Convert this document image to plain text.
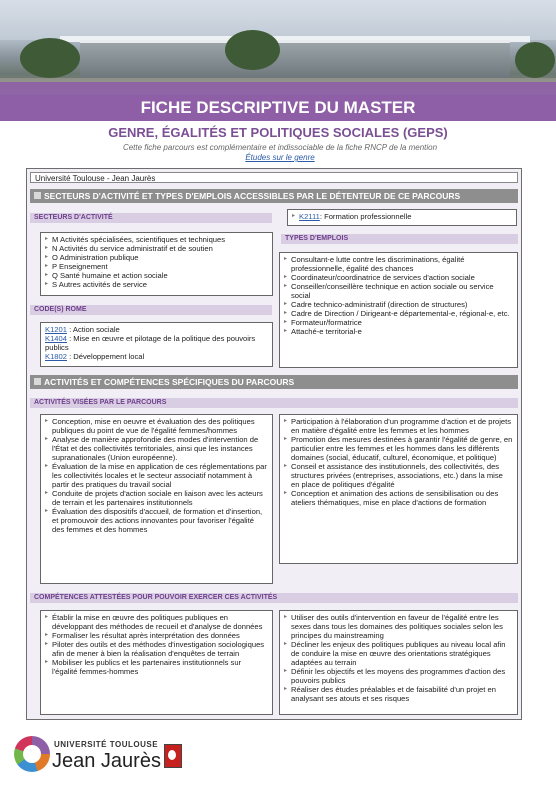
FICHE DESCRIPTIVE DU MASTER
GENRE, ÉGALITÉS ET POLITIQUES SOCIALES (GEPS)
Cette fiche parcours est complémentaire et indissociable de la fiche RNCP de la mention
Études sur le genre
Université Toulouse - Jean Jaurès
SECTEURS D'ACTIVITÉ ET TYPES D'EMPLOIS ACCESSIBLES PAR LE DÉTENTEUR DE CE PARCOURS
SECTEURS D'ACTIVITÉ
▸ M Activités spécialisées, scientifiques et techniques
▸ N Activités du service administratif et de soutien
▸ O Administration publique
▸ P Enseignement
▸ Q Santé humaine et action sociale
▸ S Autres activités de service
CODE(S) ROME
K1201 : Action sociale
K1404 : Mise en œuvre et pilotage de la politique des pouvoirs publics
K1802 : Développement local
▸ K2111: Formation professionnelle
TYPES D'EMPLOIS
▸ Consultant-e lutte contre les discriminations, égalité professionnelle, égalité des chances
▸ Coordinateur/coordinatrice de services d'action sociale
▸ Conseiller/conseillère technique en action sociale ou service social
▸ Cadre technico-administratif (direction de structures)
▸ Cadre de Direction / Dirigeant-e départemental-e, régional-e, etc.
▸ Formateur/formatrice
▸ Attaché-e territorial-e
ACTIVITÉS ET COMPÉTENCES SPÉCIFIQUES DU PARCOURS
ACTIVITÉS VISÉES PAR LE PARCOURS
▸ Conception, mise en oeuvre et évaluation des des politiques publiques du point de vue de l'égalité femmes/hommes
▸ Analyse de manière approfondie des modes d'intervention de l'État et des collectivités territoriales, ainsi que les instances supranationales (Union européenne).
▸ Évaluation de la mise en application de ces réglementations par les collectivités locales et le secteur associatif notamment à partir des pratiques du travail social
▸ Conduite de projets d'action sociale en liaison avec les acteurs de terrain et les partenaires institutionnels
▸ Évaluation des dispositifs d'accueil, de formation et d'insertion, et promouvoir des actions innovantes pour favoriser l'égalité des femmes et des hommes
▸ Participation à l'élaboration d'un programme d'action et de projets en matière d'égalité entre les femmes et les hommes
▸ Promotion des mesures destinées à garantir l'égalité de genre, en particulier entre les femmes et les hommes dans les différents domaines (social, éducatif, culturel, économique, et politique)
▸ Conseil et assistance des institutionnels, des collectivités, des structures privées (entreprises, associations, etc.) dans la mise en place de politiques d'égalité
▸ Conception et animation des actions de sensibilisation ou des ateliers thématiques, mise en place d'actions de formation
COMPÉTENCES ATTESTÉES POUR POUVOIR EXERCER CES ACTIVITÉS
▸ Établir la mise en œuvre des politiques publiques en développant des méthodes de recueil et d'analyse de données
▸ Formaliser les résultat après interprétation des données
▸ Piloter des outils et des méthodes d'investigation sociologiques afin de mener à bien la réalisation d'enquêtes de terrain
▸ Mobiliser les publics et les partenaires institutionnels sur l'égalité femmes-hommes
▸ Utiliser des outils d'intervention en faveur de l'égalité entre les sexes dans tous les domaines des politiques sociales selon les principes du mainstreaming
▸ Décliner les enjeux des politiques publiques au niveau local afin de conduire la mise en œuvre des orientations stratégiques adaptées au terrain
▸ Définir les objectifs et les moyens des programmes d'action des pouvoirs publics
▸ Réaliser des études préalables et de faisabilité d'un projet en analysant ses atouts et ses risques
UNIVERSITÉ TOULOUSE
Jean Jaurès
